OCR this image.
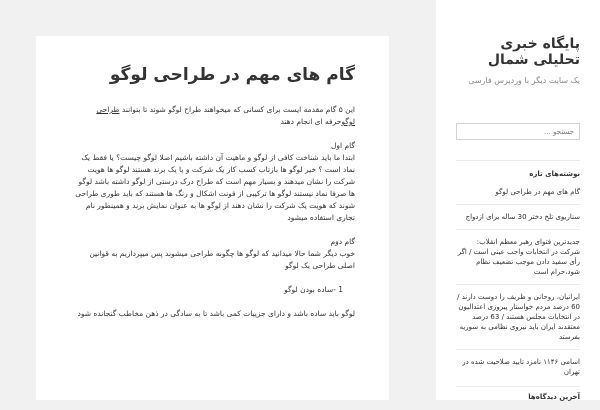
پایگاه خبری تحلیلی شمال
یک سایت دیگر با وردپرس فارسی
جستجو …
نوشته‌های تازه
گام های مهم در طراحی لوگو
سناریوی تلخ دختر 30 ساله برای ازدواج
جدیدترین فتوای رهبر معظم انقلاب: شرکت در انتخابات واجب عینی است / اگر رأی سفید دادن موجب تضعیف نظام شود،حرام است
ایرانیان، روحانی و ظریف را دوست دارند / 60 درصد مردم خواستار پیروزی اعتدالیون در انتخابات مجلس هستند / 63 درصد معتقدند ایران باید نیروی نظامی به سوریه بفرستد
اسامی ۱۱۴۶ نامزد تایید صلاحیت شده در تهران
آخرین دیدگاه‌ها
گام های مهم در طراحی لوگو

این ۵ گام مقدمه ایست برای کسانی که میخواهند طراح لوگو شوند تا بتوانند طراحی لوگوحرفه ای انجام دهند

گام اول
ابتدا ما باید شناخت کافی از لوگو و ماهیت آن داشته باشیم اصلا لوگو چیست؟ یا فقط یک نماد است ؟ خیر لوگو ها بازتاب کسب کار یک شرکت و یا یک برند هستند لوگو ها هویت شرکت را نشان میدهند و بسیار مهم است که طراح درک درستی از لوگو داشته باشد لوگو ها صرفا نماد نیستند لوگو ها ترکیبی از فونت اشکال و رنگ ها هستند که باید طوری طراحی شوند که هویت یک شرکت را نشان دهند از لوگو ها به عنوان نمایش برند و همینطور نام تجاری استفاده میشود

گام دوم
خوب دیگر شما حالا میدانید که لوگو ها چگونه طراحی میشوند پس میپردازیم به قوانین اصلی طراحی یک لوگو

1 -ساده بودن لوگو

لوگو باید ساده باشد و دارای جزییات کمی باشد تا به سادگی در ذهن مخاطب گنجانده شود
